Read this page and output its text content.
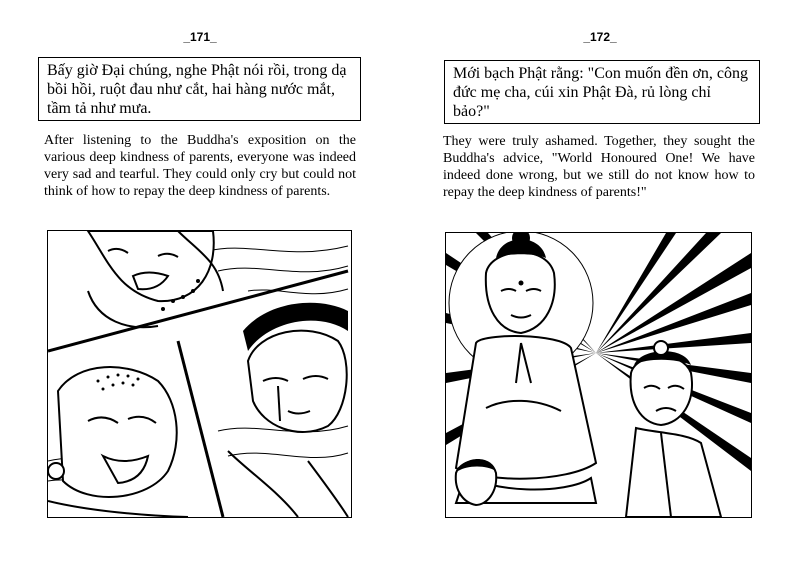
_171_
Bấy giờ Đại chúng, nghe Phật nói rồi, trong dạ bồi hồi, ruột đau như cắt, hai hàng nước mắt, tầm tả như mưa.
After listening to the Buddha's exposition on the various deep kindness of parents, everyone was indeed very sad and tearful. They could only cry but could not think of how to repay the deep kindness of parents.
_172_
Mới bạch Phật rằng: "Con muốn đền ơn, công đức mẹ cha, cúi xin Phật Đà, rủ lòng chỉ bảo?"
They were truly ashamed. Together, they sought the Buddha's advice, "World Honoured One! We have indeed done wrong, but we still do not know how to repay the deep kindness of parents!"
